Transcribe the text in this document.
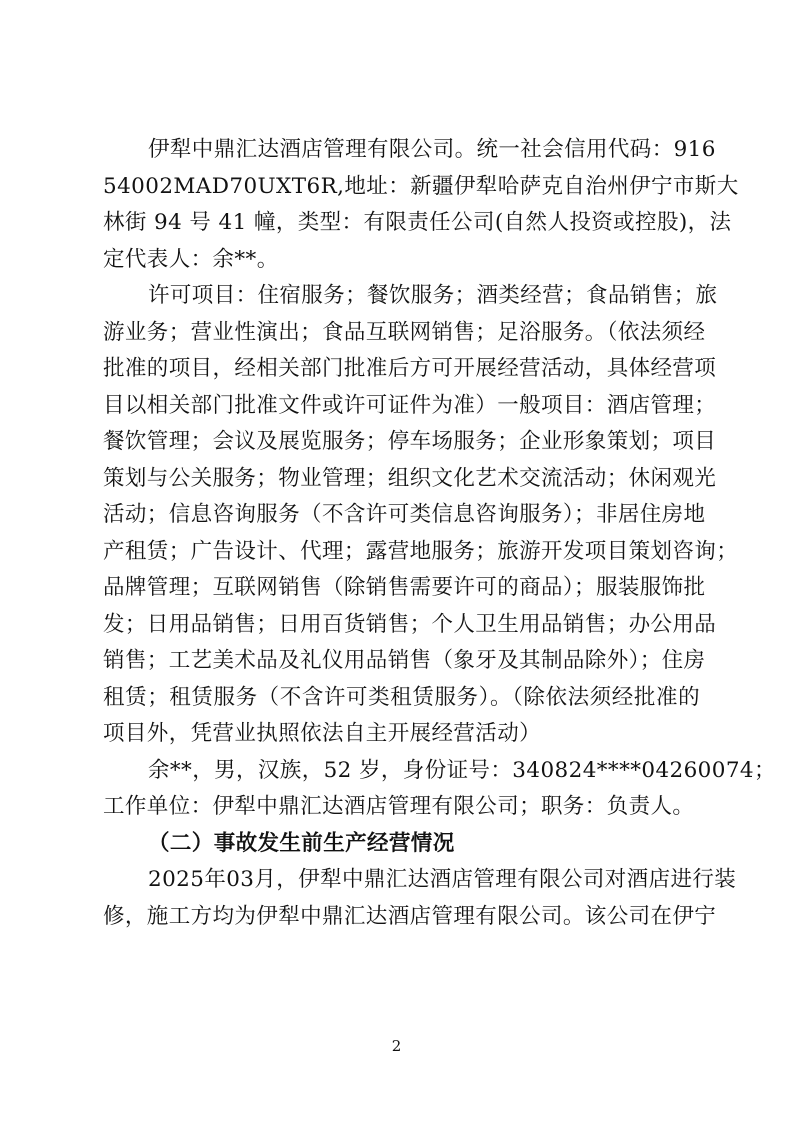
伊犁中鼎汇达酒店管理有限公司。统一社会信用代码：916
54002MAD70UXT6R,地址：新疆伊犁哈萨克自治州伊宁市斯大
林街 94 号 41 幢，类型：有限责任公司(自然人投资或控股)，法
定代表人：余**。
许可项目：住宿服务；餐饮服务；酒类经营；食品销售；旅
游业务；营业性演出；食品互联网销售；足浴服务。（依法须经
批准的项目，经相关部门批准后方可开展经营活动，具体经营项
目以相关部门批准文件或许可证件为准）一般项目：酒店管理；
餐饮管理；会议及展览服务；停车场服务；企业形象策划；项目
策划与公关服务；物业管理；组织文化艺术交流活动；休闲观光
活动；信息咨询服务（不含许可类信息咨询服务）；非居住房地
产租赁；广告设计、代理；露营地服务；旅游开发项目策划咨询；
品牌管理；互联网销售（除销售需要许可的商品）；服装服饰批
发；日用品销售；日用百货销售；个人卫生用品销售；办公用品
销售；工艺美术品及礼仪用品销售（象牙及其制品除外）；住房
租赁；租赁服务（不含许可类租赁服务）。（除依法须经批准的
项目外，凭营业执照依法自主开展经营活动）
余**，男，汉族，52 岁，身份证号：340824****04260074；
工作单位：伊犁中鼎汇达酒店管理有限公司；职务：负责人。
（二）事故发生前生产经营情况
2025年03月，伊犁中鼎汇达酒店管理有限公司对酒店进行装
修，施工方均为伊犁中鼎汇达酒店管理有限公司。该公司在伊宁
2
